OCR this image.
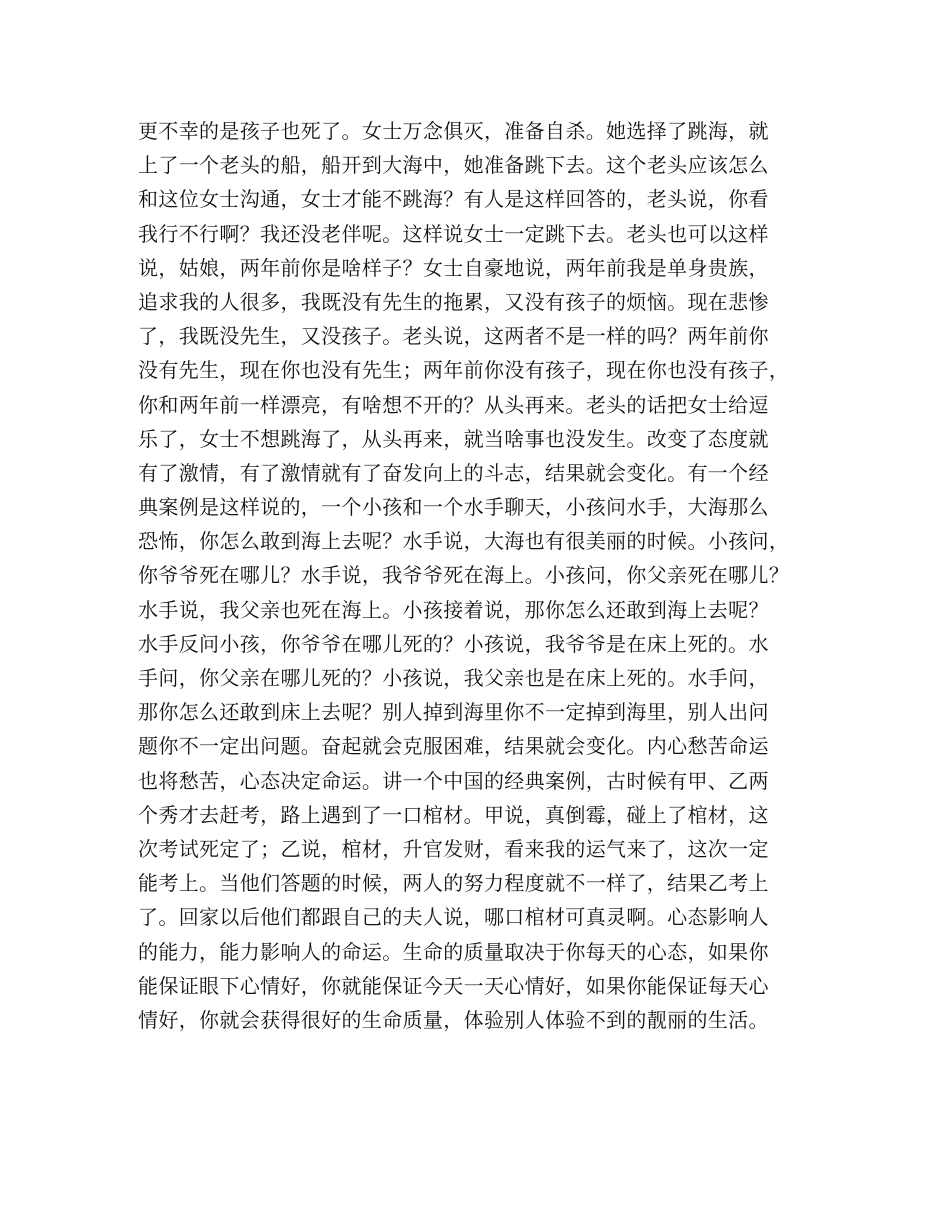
更不幸的是孩子也死了。女士万念俱灭，准备自杀。她选择了跳海，就
上了一个老头的船，船开到大海中，她准备跳下去。这个老头应该怎么
和这位女士沟通，女士才能不跳海？有人是这样回答的，老头说，你看
我行不行啊？我还没老伴呢。这样说女士一定跳下去。老头也可以这样
说，姑娘，两年前你是啥样子？女士自豪地说，两年前我是单身贵族，
追求我的人很多，我既没有先生的拖累，又没有孩子的烦恼。现在悲惨
了，我既没先生，又没孩子。老头说，这两者不是一样的吗？两年前你
没有先生，现在你也没有先生；两年前你没有孩子，现在你也没有孩子，
你和两年前一样漂亮，有啥想不开的？从头再来。老头的话把女士给逗
乐了，女士不想跳海了，从头再来，就当啥事也没发生。改变了态度就
有了激情，有了激情就有了奋发向上的斗志，结果就会变化。有一个经
典案例是这样说的，一个小孩和一个水手聊天，小孩问水手，大海那么
恐怖，你怎么敢到海上去呢？水手说，大海也有很美丽的时候。小孩问，
你爷爷死在哪儿？水手说，我爷爷死在海上。小孩问，你父亲死在哪儿？
水手说，我父亲也死在海上。小孩接着说，那你怎么还敢到海上去呢？
水手反问小孩，你爷爷在哪儿死的？小孩说，我爷爷是在床上死的。水
手问，你父亲在哪儿死的？小孩说，我父亲也是在床上死的。水手问，
那你怎么还敢到床上去呢？别人掉到海里你不一定掉到海里，别人出问
题你不一定出问题。奋起就会克服困难，结果就会变化。内心愁苦命运
也将愁苦，心态决定命运。讲一个中国的经典案例，古时候有甲、乙两
个秀才去赶考，路上遇到了一口棺材。甲说，真倒霉，碰上了棺材，这
次考试死定了；乙说，棺材，升官发财，看来我的运气来了，这次一定
能考上。当他们答题的时候，两人的努力程度就不一样了，结果乙考上
了。回家以后他们都跟自己的夫人说，哪口棺材可真灵啊。心态影响人
的能力，能力影响人的命运。生命的质量取决于你每天的心态，如果你
能保证眼下心情好，你就能保证今天一天心情好，如果你能保证每天心
情好，你就会获得很好的生命质量，体验别人体验不到的靓丽的生活。
